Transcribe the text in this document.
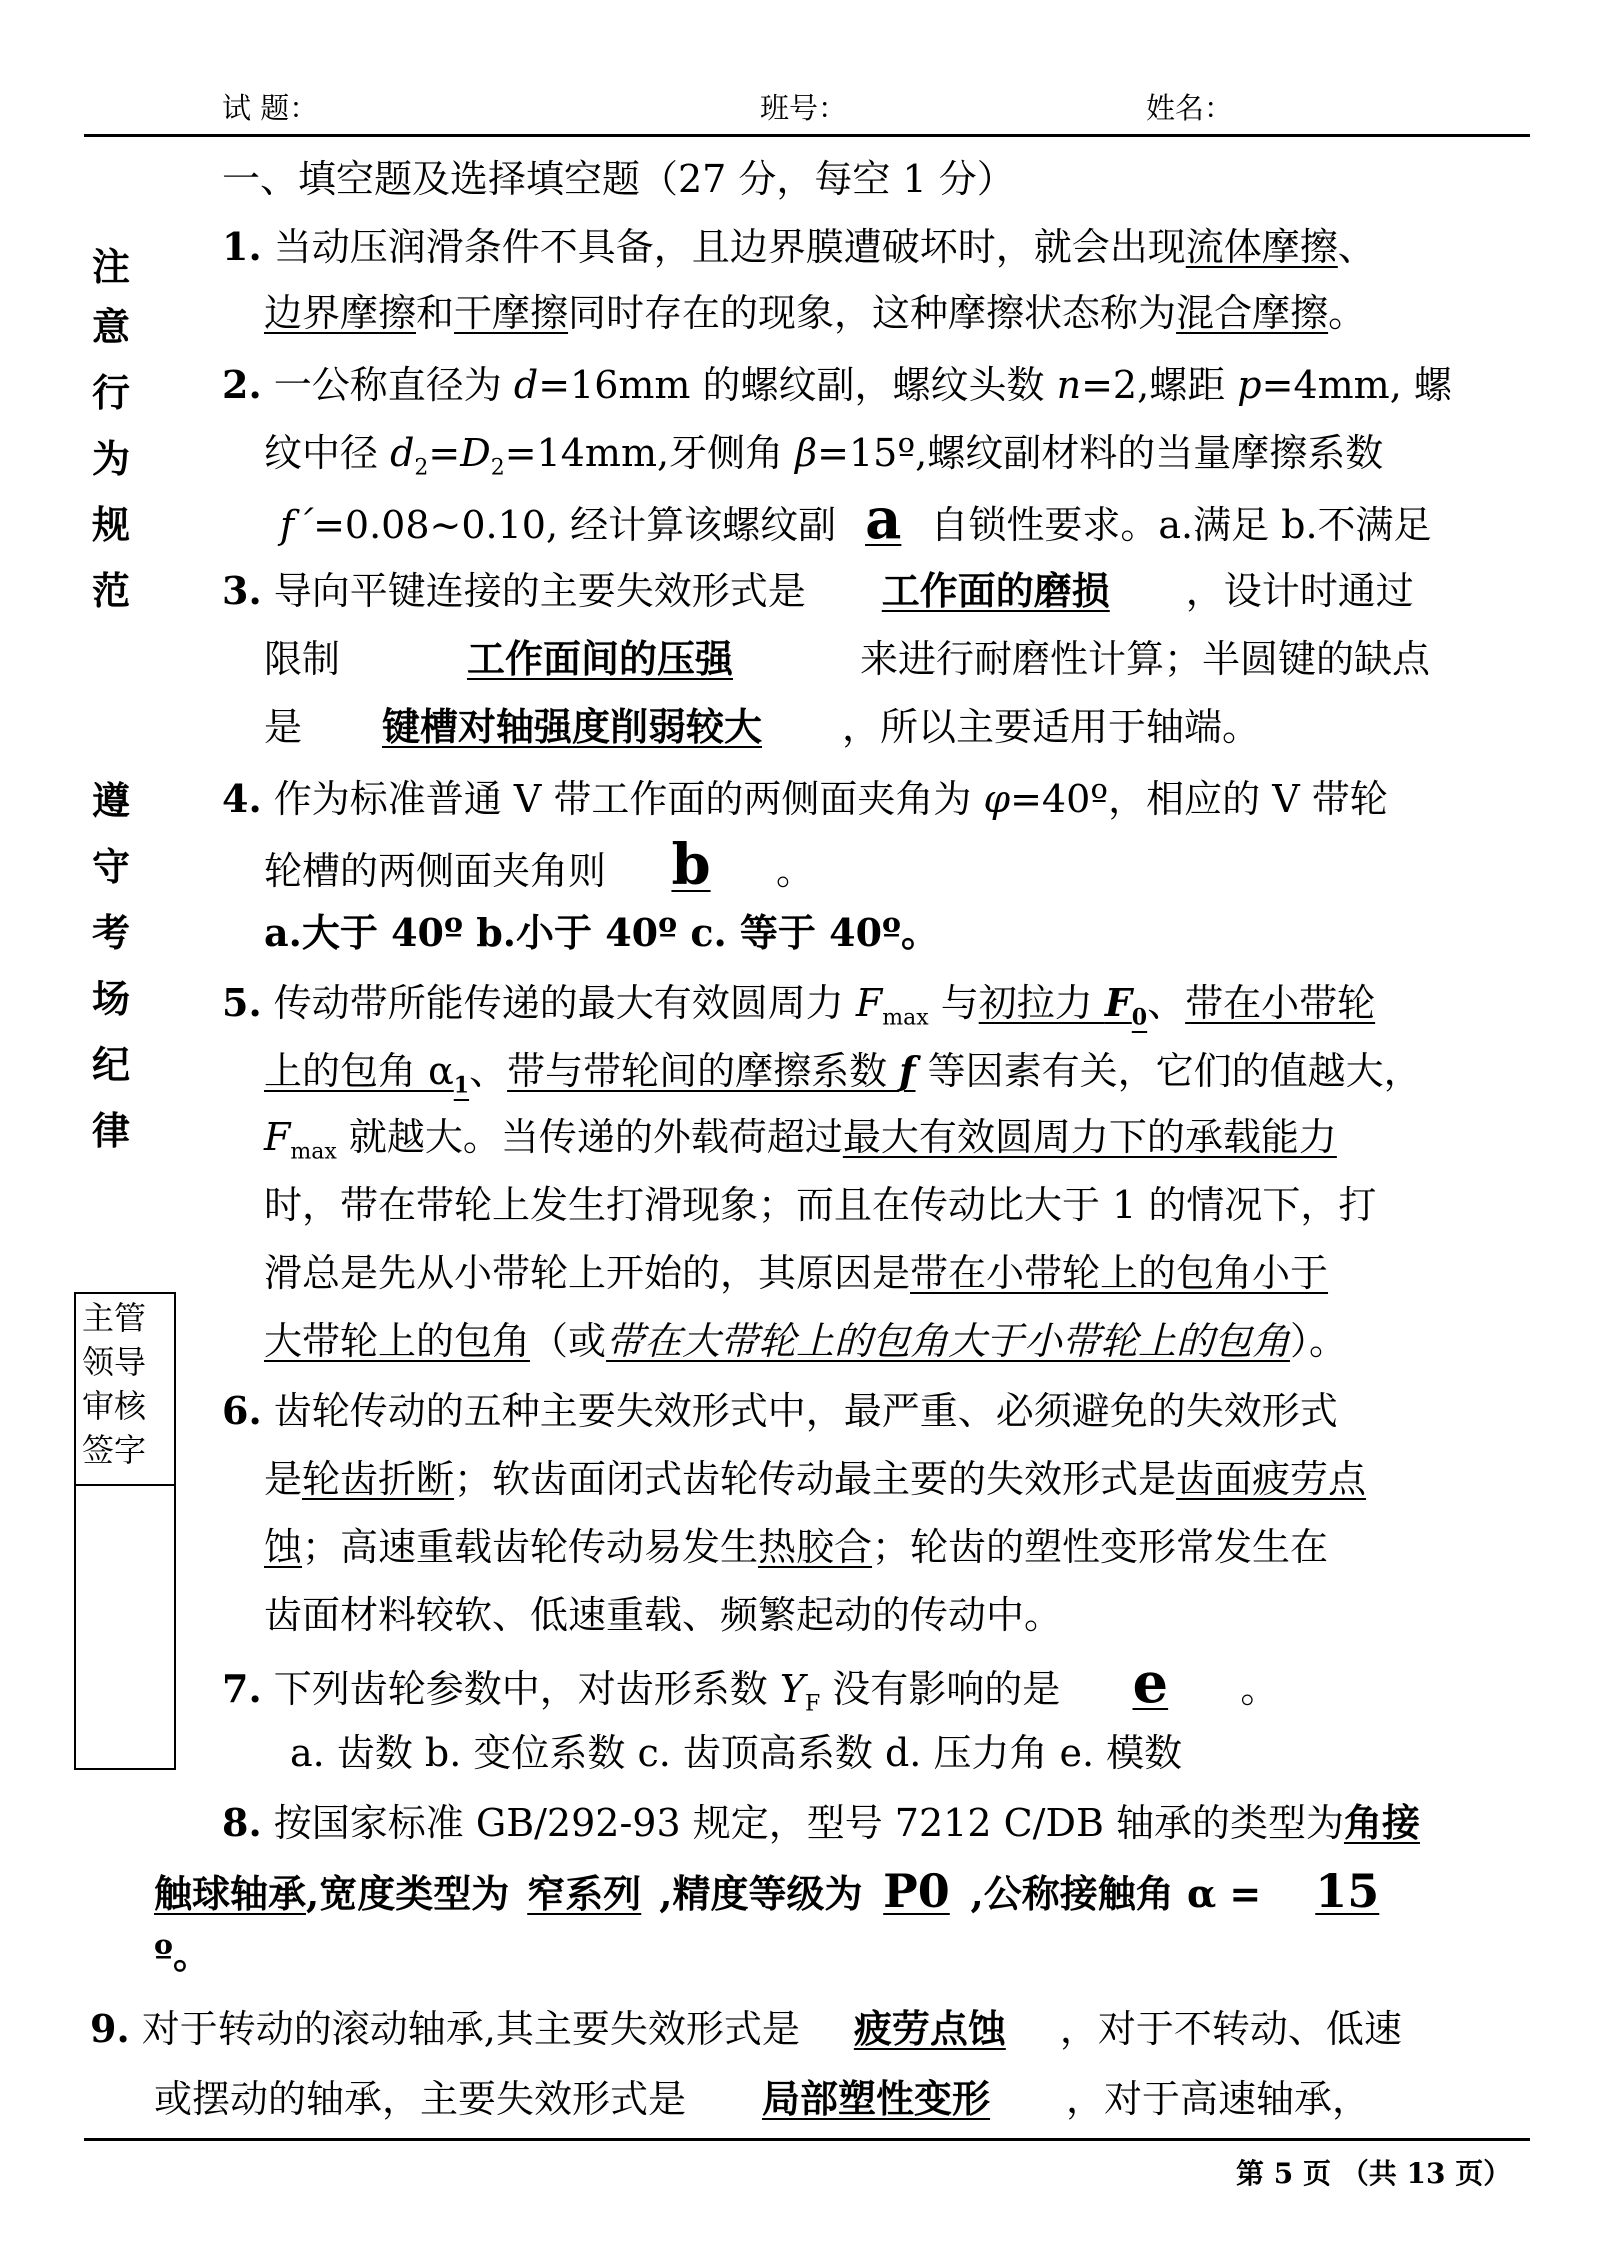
试 题：	班号：	姓名：
注
意
行
为
规
范
遵
守
考
场
纪
律
主管
领导
审核
签字
一、填空题及选择填空题（27 分，每空 1 分）
1. 当动压润滑条件不具备，且边界膜遭破坏时，就会出现流体摩擦、
边界摩擦和干摩擦同时存在的现象，这种摩擦状态称为混合摩擦。
2. 一公称直径为 d=16mm 的螺纹副，螺纹头数 n=2,螺距 p=4mm, 螺
纹中径 $d_2=D_2=14mm$,牙侧角 β=15º,螺纹副材料的当量摩擦系数
f´=0.08~0.10, 经计算该螺纹副 a 自锁性要求。a.满足 b.不满足
3. 导向平键连接的主要失效形式是 工作面的磨损 ，设计时通过
限制	工作面间的压强	来进行耐磨性计算；半圆键的缺点
是 键槽对轴强度削弱较大 ，所以主要适用于轴端。
4. 作为标准普通 V 带工作面的两侧面夹角为 φ=40º，相应的 V 带轮
轮槽的两侧面夹角则 b 。
a.大于 40º b.小于 40º c. 等于 40º。
5. 传动带所能传递的最大有效圆周力 $F_{max}$ 与初拉力 $F_0$、带在小带轮
上的包角 $\alpha_1$、带与带轮间的摩擦系数 f 等因素有关，它们的值越大，
$F_{max}$ 就越大。当传递的外载荷超过最大有效圆周力下的承载能力
时，带在带轮上发生打滑现象；而且在传动比大于 1 的情况下，打
滑总是先从小带轮上开始的，其原因是带在小带轮上的包角小于
大带轮上的包角（或带在大带轮上的包角大于小带轮上的包角）。
6. 齿轮传动的五种主要失效形式中，最严重、必须避免的失效形式
是轮齿折断；软齿面闭式齿轮传动最主要的失效形式是齿面疲劳点
蚀；高速重载齿轮传动易发生热胶合；轮齿的塑性变形常发生在
齿面材料较软、低速重载、频繁起动的传动中。
7. 下列齿轮参数中，对齿形系数 $Y_F$ 没有影响的是 e 。
a. 齿数 b. 变位系数 c. 齿顶高系数 d. 压力角 e. 模数
8. 按国家标准 GB/292-93 规定，型号 7212 C/DB 轴承的类型为角接
触球轴承,宽度类型为 窄系列 ,精度等级为 P0 ,公称接触角 α = 15
º。
9. 对于转动的滚动轴承,其主要失效形式是 疲劳点蚀 ，对于不转动、低速
或摆动的轴承，主要失效形式是 局部塑性变形 ，对于高速轴承，
第 5 页 （共 13 页）
